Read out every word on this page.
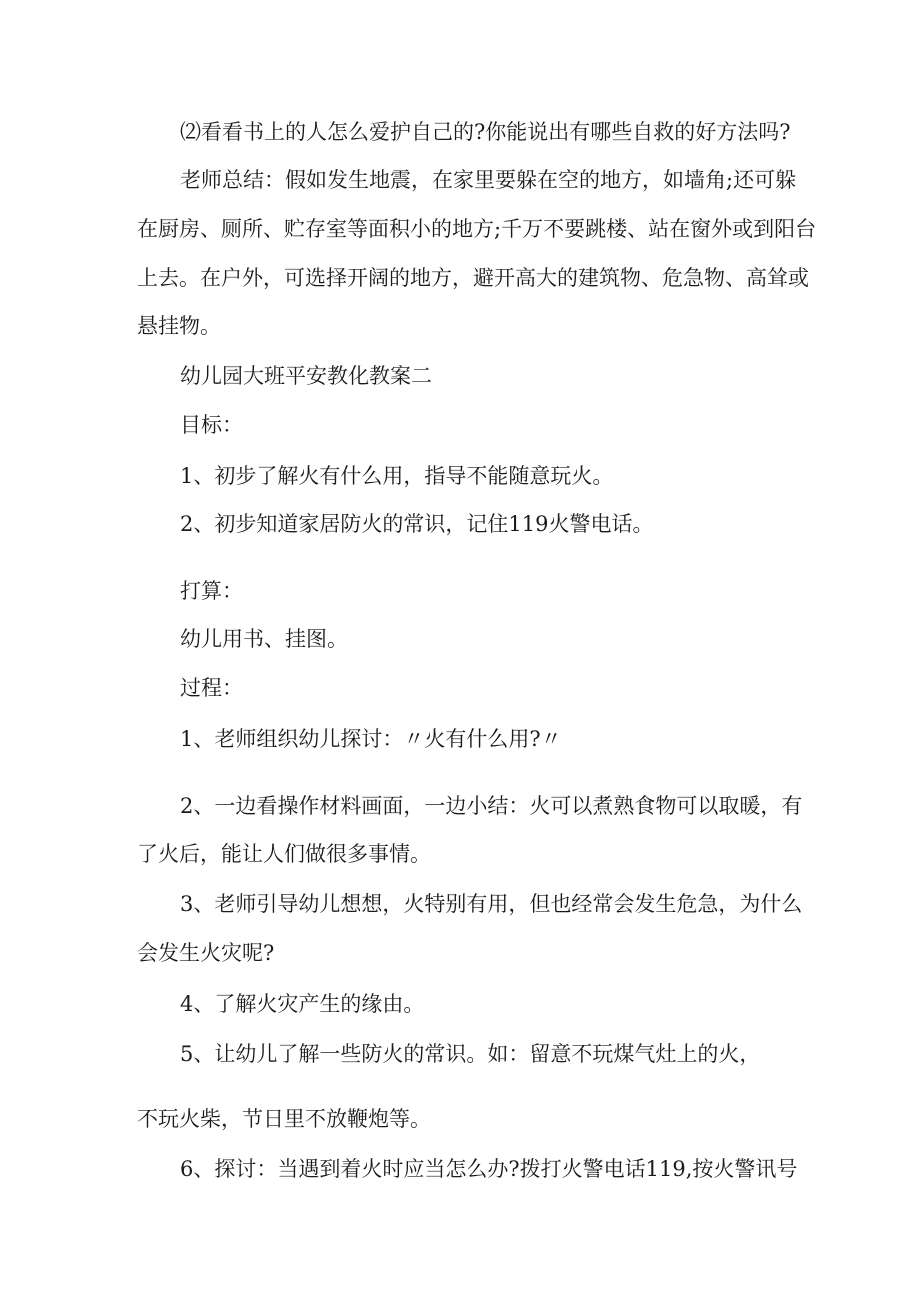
⑵看看书上的人怎么爱护自己的?你能说出有哪些自救的好方法吗?
老师总结：假如发生地震，在家里要躲在空的地方，如墙角;还可躲
在厨房、厕所、贮存室等面积小的地方;千万不要跳楼、站在窗外或到阳台
上去。在户外，可选择开阔的地方，避开高大的建筑物、危急物、高耸或
悬挂物。
幼儿园大班平安教化教案二
目标：
1、初步了解火有什么用，指导不能随意玩火。
2、初步知道家居防火的常识，记住119火警电话。
打算：
幼儿用书、挂图。
过程：
1、老师组织幼儿探讨：〃火有什么用?〃
2、一边看操作材料画面，一边小结：火可以煮熟食物可以取暖，有
了火后，能让人们做很多事情。
3、老师引导幼儿想想，火特别有用，但也经常会发生危急，为什么
会发生火灾呢?
4、了解火灾产生的缘由。
5、让幼儿了解一些防火的常识。如：留意不玩煤气灶上的火，
不玩火柴，节日里不放鞭炮等。
6、探讨：当遇到着火时应当怎么办?拨打火警电话119,按火警讯号
